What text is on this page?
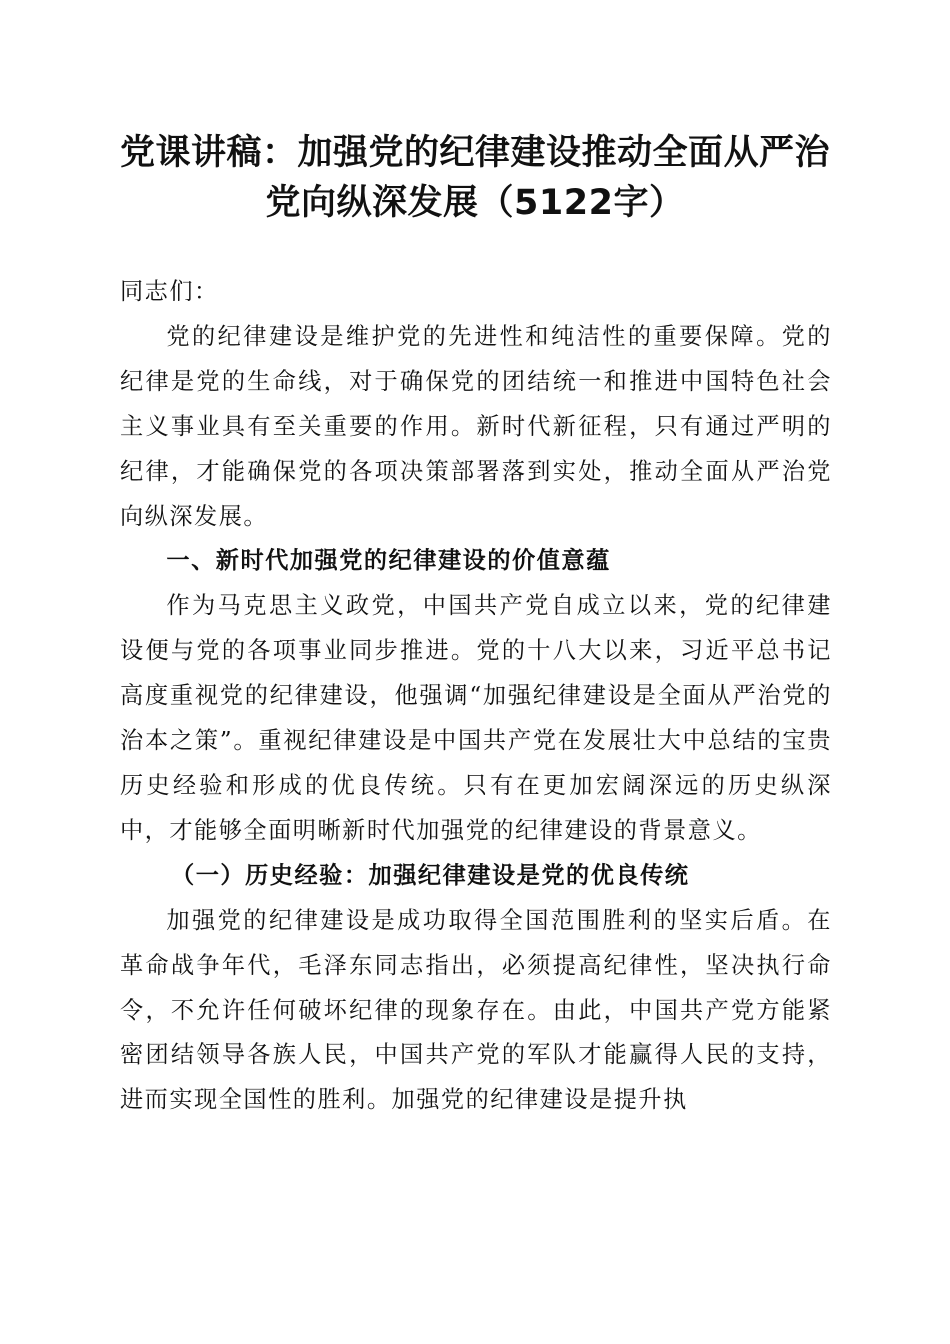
党课讲稿：加强党的纪律建设推动全面从严治
党向纵深发展（5122字）

同志们：

党的纪律建设是维护党的先进性和纯洁性的重要保障。党的纪律是党的生命线，对于确保党的团结统一和推进中国特色社会主义事业具有至关重要的作用。新时代新征程，只有通过严明的纪律，才能确保党的各项决策部署落到实处，推动全面从严治党向纵深发展。

一、新时代加强党的纪律建设的价值意蕴

作为马克思主义政党，中国共产党自成立以来，党的纪律建设便与党的各项事业同步推进。党的十八大以来，习近平总书记高度重视党的纪律建设，他强调“加强纪律建设是全面从严治党的治本之策”。重视纪律建设是中国共产党在发展壮大中总结的宝贵历史经验和形成的优良传统。只有在更加宏阔深远的历史纵深中，才能够全面明晰新时代加强党的纪律建设的背景意义。

（一）历史经验：加强纪律建设是党的优良传统

加强党的纪律建设是成功取得全国范围胜利的坚实后盾。在革命战争年代，毛泽东同志指出，必须提高纪律性，坚决执行命令，不允许任何破坏纪律的现象存在。由此，中国共产党方能紧密团结领导各族人民，中国共产党的军队才能赢得人民的支持，进而实现全国性的胜利。加强党的纪律建设是提升执
